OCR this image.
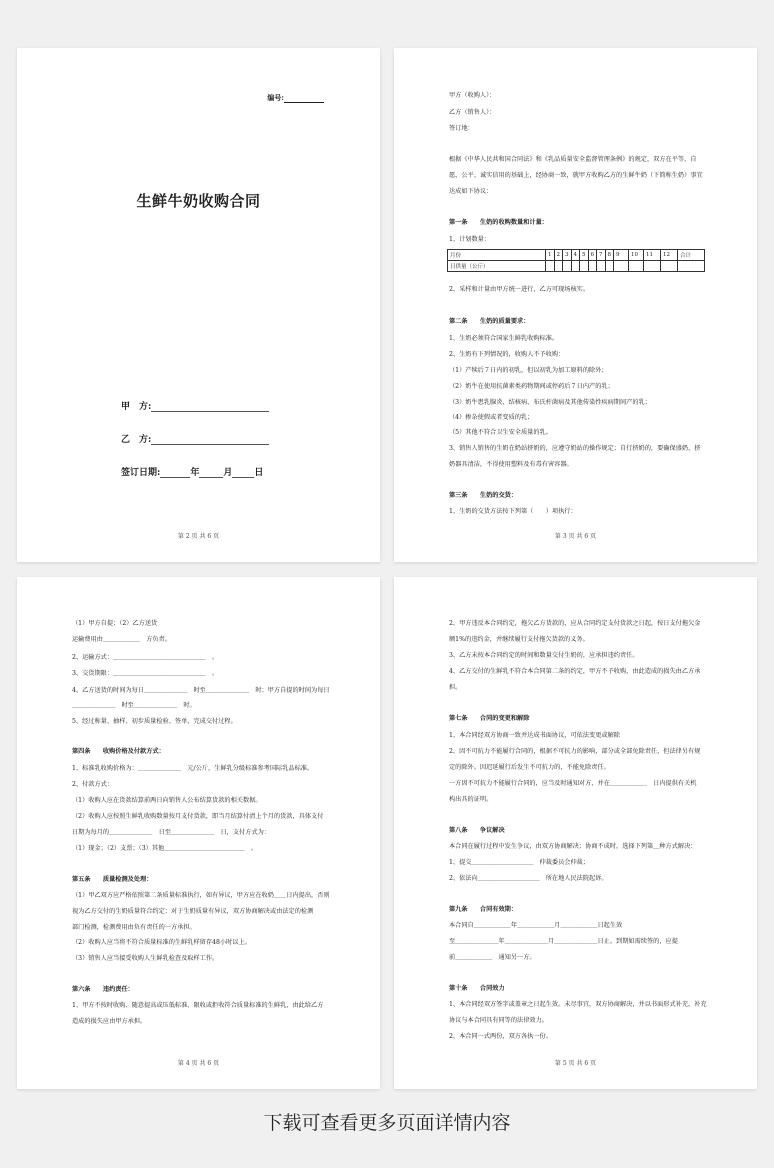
编号:
生鲜牛奶收购合同
甲　方:
乙　方:
签订日期:	年	月 日
第 2 页 共 6 页
甲方（收购人）：
乙方（销售人）：
签订地：
根据《中华人民共和国合同法》和《乳品质量安全监督管理条例》的规定，双方在平等、自
愿、公平、诚实信用的基础上，经协商一致，就甲方收购乙方的生鲜牛奶（下简称生奶）事宜
达成如下协议：
第一条　　生奶的收购数量和计量：
1、计划数量：
月份	1	2	3	4	5	6	7	8	9	10	11	12	合计
日供量（公斤）													
2、采样和计量由甲方统一进行，乙方可现场核实。
第二条　　生奶的质量要求：
1、生奶必须符合国家生鲜乳收购标准。
2、生奶有下列情况的，收购人不予收购：
（1）产犊后７日内的初乳，但以初乳为加工原料的除外；
（2）奶牛在使用抗菌素类药物期间或停药后７日内产的乳；
（3）奶牛患乳腺炎、结核病、布氏杆菌病及其他传染性疾病期间产的乳；
（4）掺杂使假或者变质的乳；
（5）其他不符合卫生安全质量的乳。
3、销售人销售的生奶在奶站挤奶的，应遵守奶站的操作规定；自行挤奶的，要确保盛奶、挤
奶器具清洁，不得使用塑料及有毒有害容器。
第三条　　生奶的交货：
1、生奶的交货方法按下列第（　　）项执行：
第 3 页 共 6 页
（1）甲方自提；（2）乙方送货
运输费用由＿＿＿＿＿＿　方负责。
2、运输方式：＿＿＿＿＿＿＿＿＿＿＿＿＿＿＿　。
3、交货期限：＿＿＿＿＿＿＿＿＿＿＿＿＿＿＿　。
4、乙方送货的时间为每日＿＿＿＿＿＿＿　时至＿＿＿＿＿＿＿　时；甲方自提的时间为每日
＿＿＿＿＿＿＿　时至＿＿＿＿＿＿＿　时。
5、经过称量、抽样、初步质量检验、签单，完成交付过程。
第四条　　收购价格及付款方式：
1、标准乳收购价格为：＿＿＿＿＿＿＿　元/公斤，生鲜乳分级标准参考国际乳品标准。
2、付款方式：
（1）收购人应在货款结算前两日向销售人公布结算货款的相关数据。
（2）收购人应按照生鲜乳收购数量按月支付货款，即当月结算付清上个月的货款，具体支付
日期为每月的＿＿＿＿＿＿＿　日至＿＿＿＿＿＿＿　日，支付方式为：
（1）现金；（2）支票；（3）其他＿＿＿＿＿＿＿＿＿＿＿＿＿　。
第五条　　质量检测及处理：
（1）甲乙双方应严格依照第二条质量标准执行，如有异议，甲方应在收奶＿＿日内提出，否则
视为乙方交付的生奶质量符合约定；对于生奶质量有异议，双方协商解决或由法定的检测
部门检测，检测费用由负有责任的一方承担。
（2）收购人应当将不符合质量标准的生鲜乳样留存48小时以上。
（3）销售人应当接受收购人生鲜乳检查及取样工作。
第六条　　违约责任：
1、甲方不按时收购、随意提高或压低标准、限收或拒收符合质量标准的生鲜乳，由此给乙方
造成的损失应由甲方承担。
第 4 页 共 6 页
2、甲方违反本合同约定，拖欠乙方货款的，应从合同约定支付货款之日起，按日支付拖欠金
额1%的违约金，并继续履行支付拖欠货款的义务。
3、乙方未按本合同约定的时间和数量交付生奶的，应承担违约责任。
4、乙方交付的生鲜乳不符合本合同第二条的约定，甲方不予收购，由此造成的损失由乙方承
担。
第七条　　合同的变更和解除
1、本合同经双方协商一致并达成书面协议，可依法变更或解除
2、因不可抗力不能履行合同的，根据不可抗力的影响，部分或全部免除责任，但法律另有规
定的除外。因迟延履行后发生不可抗力的，不能免除责任。
一方因不可抗力不能履行合同的，应当及时通知对方，并在＿＿＿＿＿＿　日内提供有关机
构出具的证明。
第八条　　争议解决
本合同在履行过程中发生争议，由双方协商解决；协商不成时，选择下列第＿种方式解决：
1、提交＿＿＿＿＿＿＿＿＿＿　仲裁委员会仲裁；
2、依法向＿＿＿＿＿＿＿＿＿＿　所在地人民法院起诉。
第九条　　合同有效期：
本合同自＿＿＿＿＿＿年＿＿＿＿＿＿月＿＿＿＿＿＿日起生效
至＿＿＿＿＿＿＿年＿＿＿＿＿＿＿月＿＿＿＿＿＿＿日止。到期如需续签的，应提
前＿＿＿＿＿＿　通知另一方。
第十条　　合同效力
1、本合同经双方签字或盖章之日起生效。未尽事宜，双方协商解决，并以书面形式补充，补充
协议与本合同具有同等的法律效力。
2、本合同一式两份，双方各执一份。
第 5 页 共 6 页
下载可查看更多页面详情内容
